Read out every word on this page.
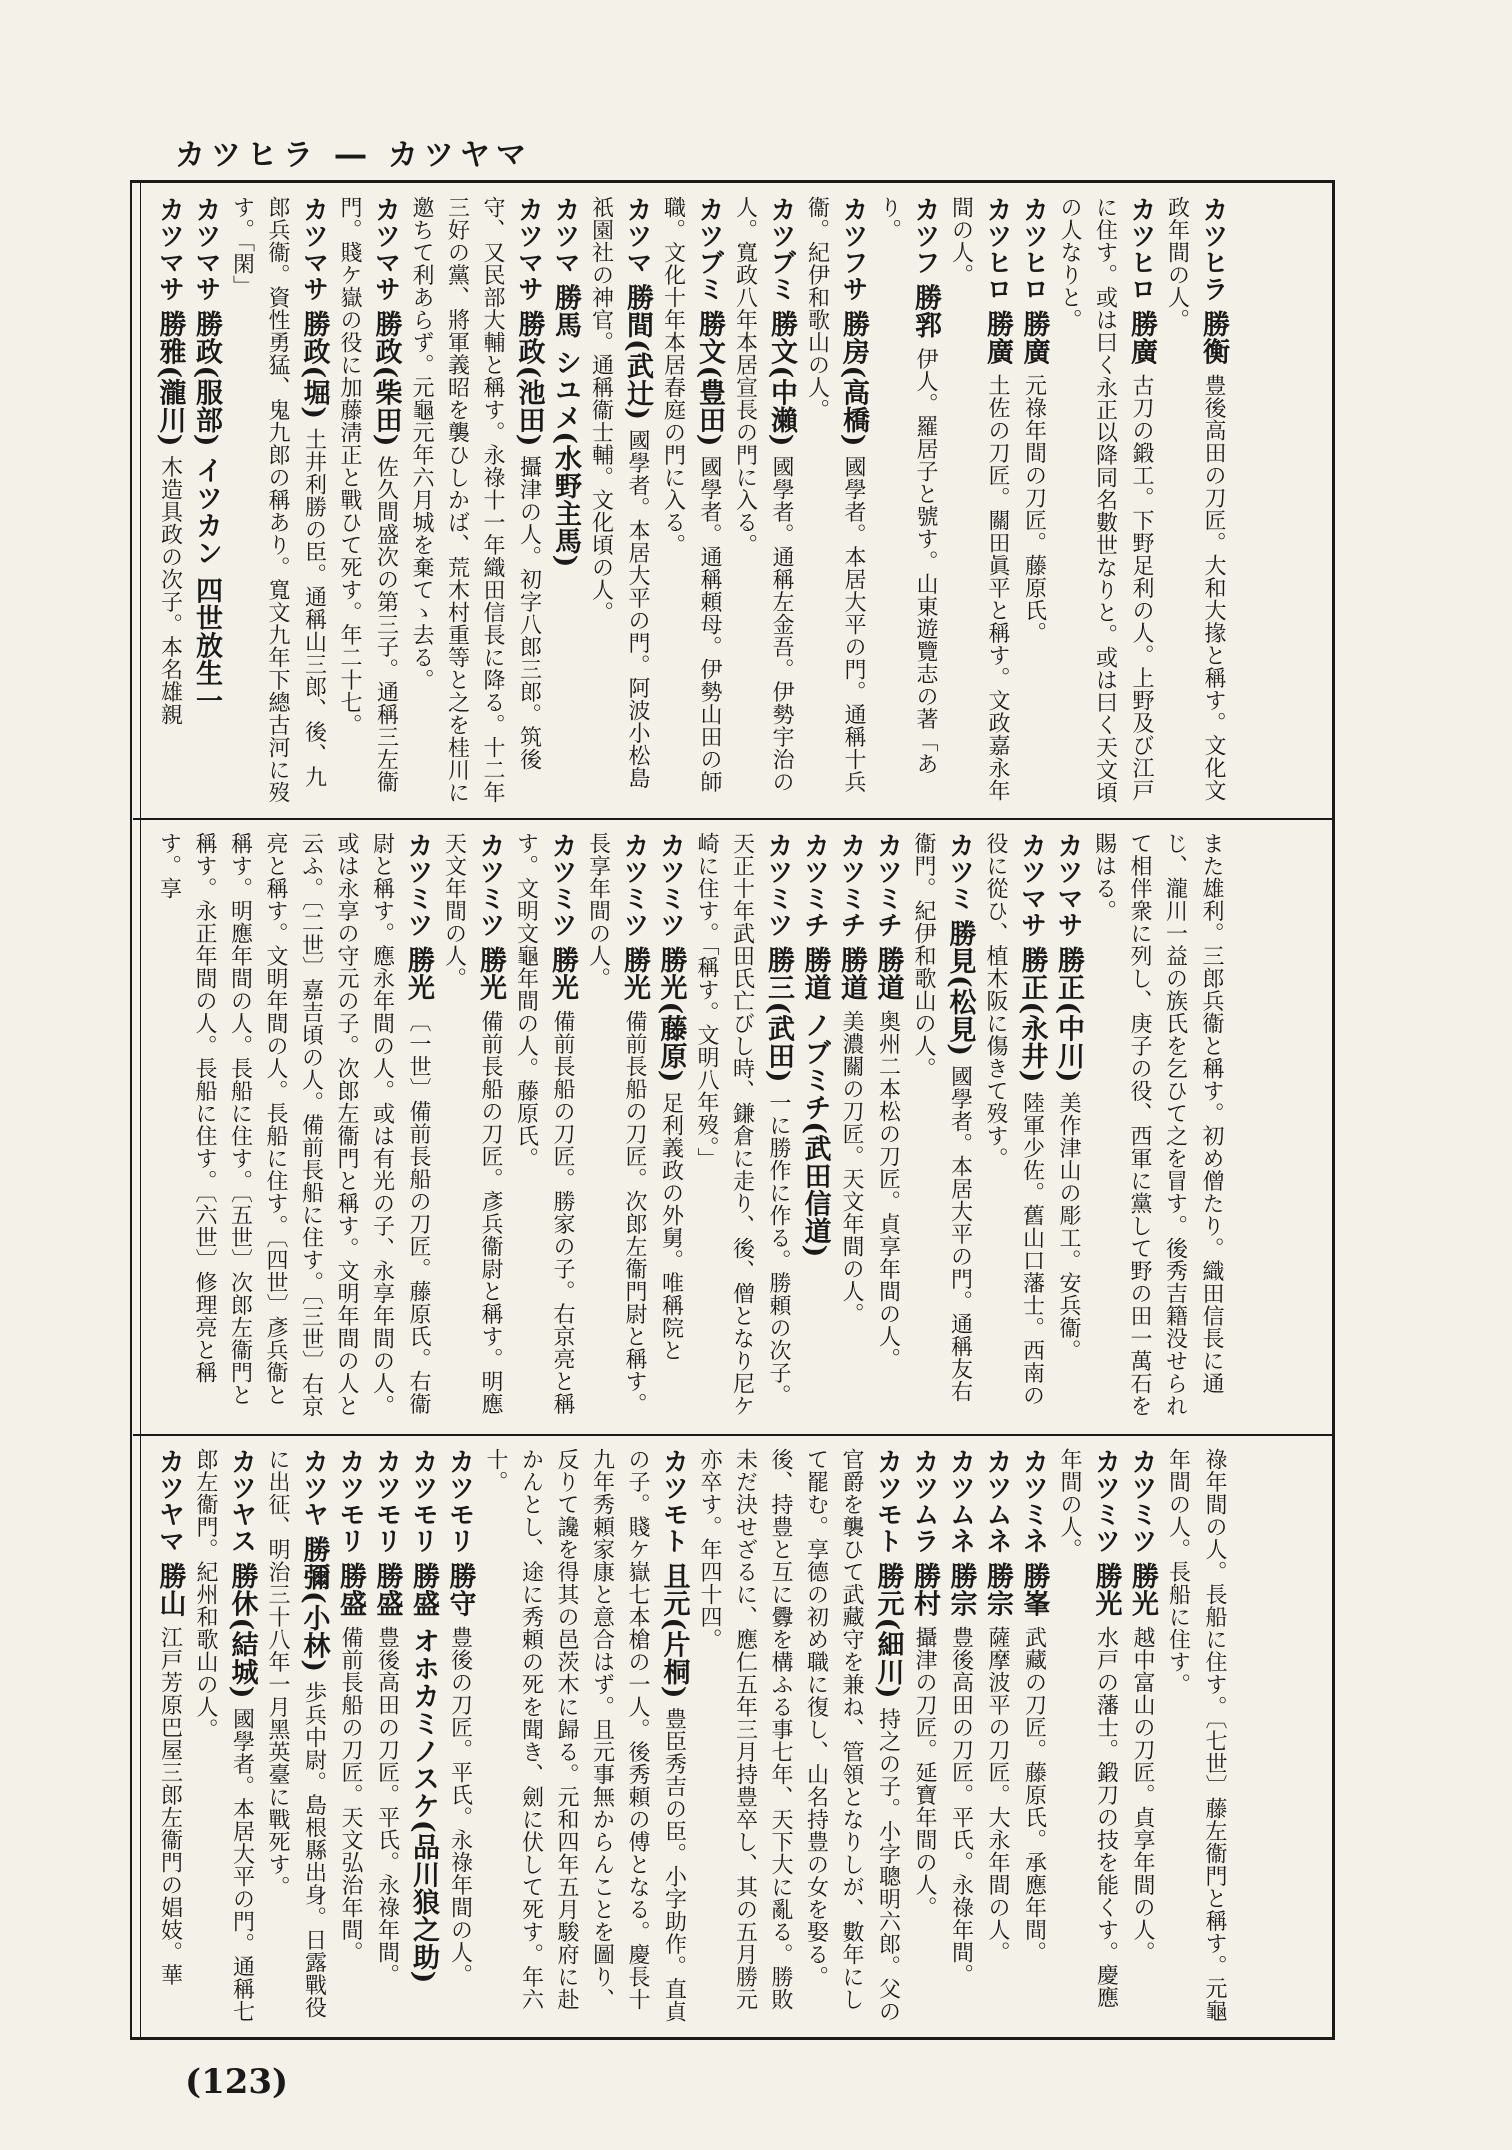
カツヒラ ― カツヤマ
カツヒラ 勝衡 豊後高田の刀匠。大和大掾と稱す。文化文政年間の人。
カツヒロ 勝廣 古刀の鍛工。下野足利の人。上野及び江戸に住す。或は曰く永正以降同名數世なりと。或は曰く天文頃の人なりと。
カツヒロ 勝廣 元祿年間の刀匠。藤原氏。
カツヒロ 勝廣 土佐の刀匠。關田眞平と稱す。文政嘉永年間の人。
カツフ 勝郛 伊人。羅居子と號す。山東遊覽志の著「あり。
カツフサ 勝房(高橋) 國學者。本居大平の門。通稱十兵衞。紀伊和歌山の人。
カツブミ 勝文(中瀨) 國學者。通稱左金吾。伊勢宇治の人。寬政八年本居宣長の門に入る。
カツブミ 勝文(豊田) 國學者。通稱頼母。伊勢山田の師職。文化十年本居春庭の門に入る。
カツマ 勝間(武辻) 國學者。本居大平の門。阿波小松島祇園社の神官。通稱衞士輔。文化頃の人。
カツマ 勝馬 シユメ(水野主馬)
カツマサ 勝政(池田) 攝津の人。初字八郎三郎。筑後守、又民部大輔と稱す。永祿十一年織田信長に降る。十二年三好の黨、將軍義昭を襲ひしかば、荒木村重等と之を桂川に邀ちて利あらず。元龜元年六月城を棄てゝ去る。
カツマサ 勝政(柴田) 佐久間盛次の第三子。通稱三左衞門。賤ケ嶽の役に加藤淸正と戰ひて死す。年二十七。
カツマサ 勝政(堀) 土井利勝の臣。通稱山三郎、後、九郎兵衞。資性勇猛、鬼九郎の稱あり。寬文九年下總古河に歿す。「閑」
カツマサ 勝政(服部) イツカン 四世放生一
カツマサ 勝雅(瀧川) 木造具政の次子。本名雄親
また雄利。三郎兵衞と稱す。初め僧たり。織田信長に通じ、瀧川一益の族氏を乞ひて之を冒す。後秀吉籍没せられて相伴衆に列し、庚子の役、西軍に黨して野の田一萬石を賜はる。
カツマサ 勝正(中川) 美作津山の彫工。安兵衞。
カツマサ 勝正(永井) 陸軍少佐。舊山口藩士。西南の役に從ひ、植木阪に傷きて歿す。
カツミ 勝見(松見) 國學者。本居大平の門。通稱友右衞門。紀伊和歌山の人。
カツミチ 勝道 奥州二本松の刀匠。貞享年間の人。
カツミチ 勝道 美濃關の刀匠。天文年間の人。
カツミチ 勝道 ノブミチ(武田信道)
カツミツ 勝三(武田) 一に勝作に作る。勝頼の次子。天正十年武田氏亡びし時、鎌倉に走り、後、僧となり尼ケ崎に住す。「稱す。文明八年歿。」
カツミツ 勝光(藤原) 足利義政の外舅。唯稱院と
カツミツ 勝光 備前長船の刀匠。次郎左衞門尉と稱す。長享年間の人。
カツミツ 勝光 備前長船の刀匠。勝家の子。右京亮と稱す。文明文龜年間の人。藤原氏。
カツミツ 勝光 備前長船の刀匠。彥兵衞尉と稱す。明應天文年間の人。
カツミツ 勝光 〔一世〕備前長船の刀匠。藤原氏。右衞尉と稱す。應永年間の人。或は有光の子、永享年間の人。或は永享の守元の子。次郎左衞門と稱す。文明年間の人と云ふ。〔二世〕嘉吉頃の人。備前長船に住す。〔三世〕右京亮と稱す。文明年間の人。長船に住す。〔四世〕彥兵衞と稱す。明應年間の人。長船に住す。〔五世〕次郎左衞門と稱す。永正年間の人。長船に住す。〔六世〕修理亮と稱す。享
祿年間の人。長船に住す。〔七世〕藤左衞門と稱す。元龜年間の人。長船に住す。
カツミツ 勝光 越中富山の刀匠。貞享年間の人。
カツミツ 勝光 水戸の藩士。鍛刀の技を能くす。慶應年間の人。
カツミネ 勝峯 武藏の刀匠。藤原氏。承應年間。
カツムネ 勝宗 薩摩波平の刀匠。大永年間の人。
カツムネ 勝宗 豊後高田の刀匠。平氏。永祿年間。
カツムラ 勝村 攝津の刀匠。延寶年間の人。
カツモト 勝元(細川) 持之の子。小字聰明六郎。父の官爵を襲ひて武藏守を兼ね、管領となりしが、數年にして罷む。享德の初め職に復し、山名持豊の女を娶る。後、持豊と互に釁を構ふる事七年、天下大に亂る。勝敗未だ決せざるに、應仁五年三月持豊卒し、其の五月勝元亦卒す。年四十四。
カツモト 且元(片桐) 豊臣秀吉の臣。小字助作。直貞の子。賤ケ嶽七本槍の一人。後秀頼の傅となる。慶長十九年秀頼家康と意合はず。且元事無からんことを圖り、反りて讒を得其の邑茨木に歸る。元和四年五月駿府に赴かんとし、途に秀頼の死を聞き、劍に伏して死す。年六十。
カツモリ 勝守 豊後の刀匠。平氏。永祿年間の人。
カツモリ 勝盛 オホカミノスケ(品川狼之助)
カツモリ 勝盛 豊後高田の刀匠。平氏。永祿年間。
カツモリ 勝盛 備前長船の刀匠。天文弘治年間。
カツヤ 勝彌(小林) 歩兵中尉。島根縣出身。日露戰役に出征、明治三十八年一月黑英臺に戰死す。
カツヤス 勝休(結城) 國學者。本居大平の門。通稱七郎左衞門。紀州和歌山の人。
カツヤマ 勝山 江戸芳原巴屋三郎左衞門の娼妓。華
(123)
